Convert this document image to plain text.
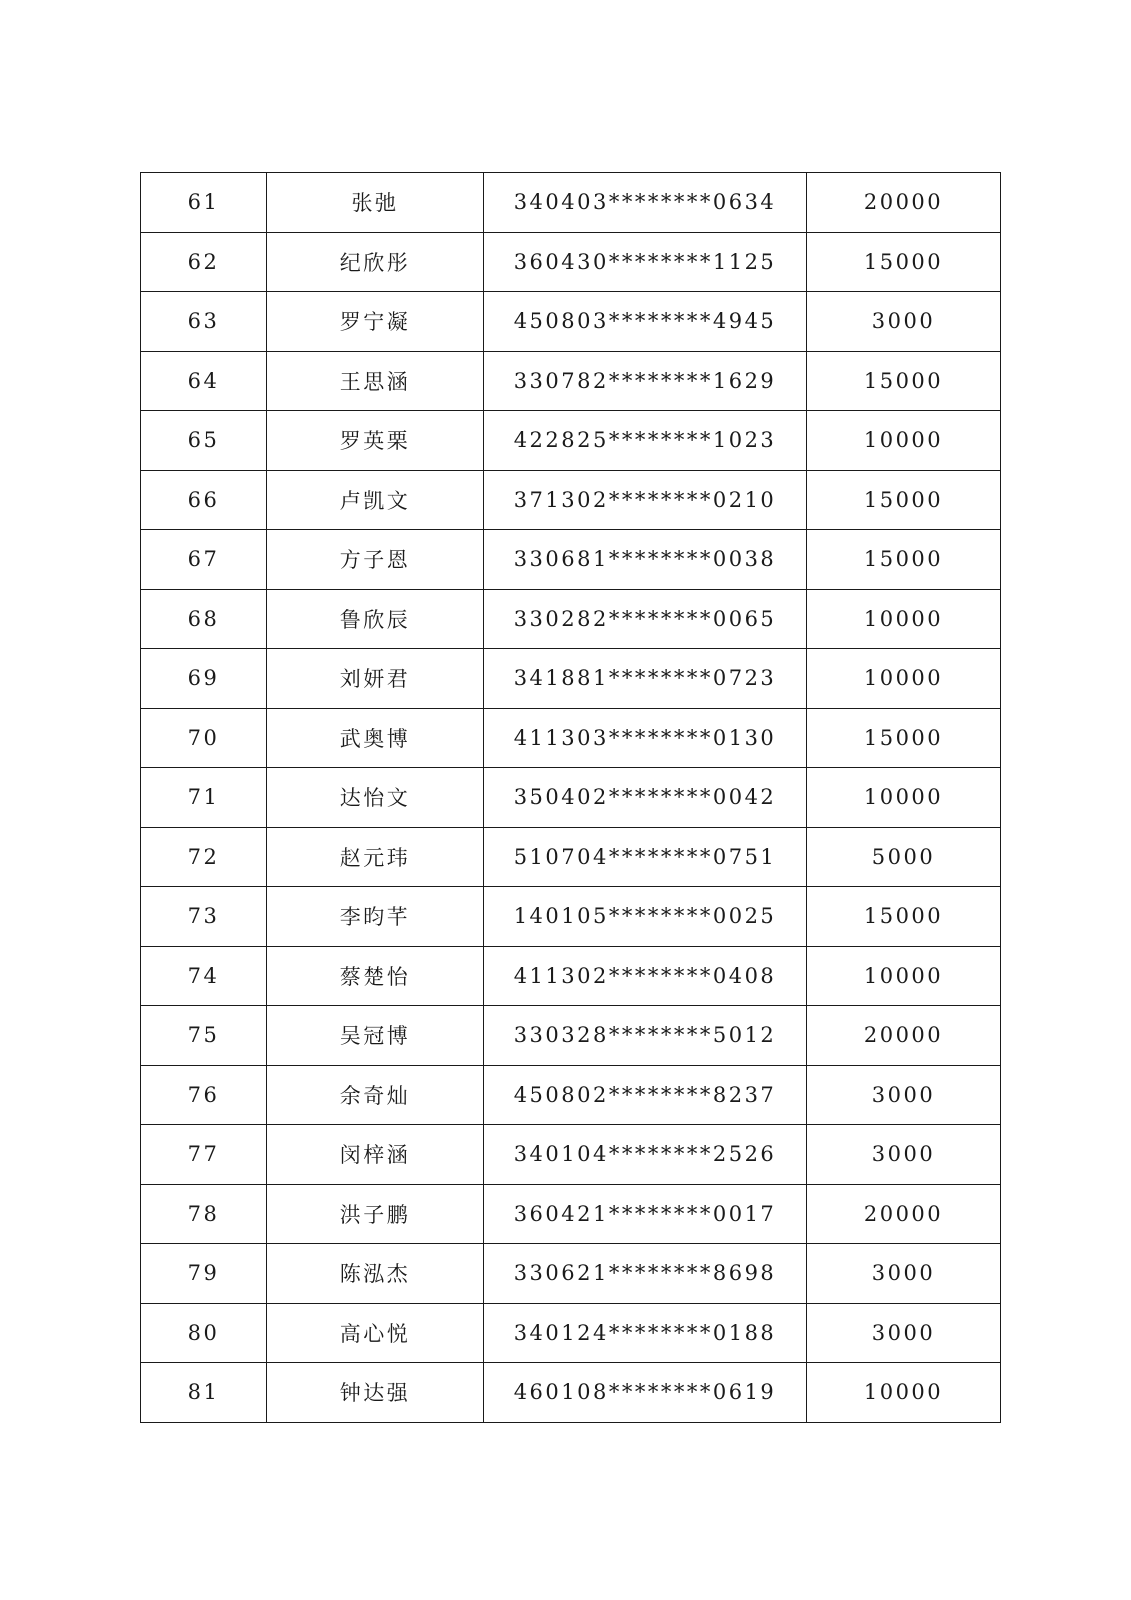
61	张弛	340403********0634	20000
62	纪欣彤	360430********1125	15000
63	罗宁凝	450803********4945	3000
64	王思涵	330782********1629	15000
65	罗英栗	422825********1023	10000
66	卢凯文	371302********0210	15000
67	方子恩	330681********0038	15000
68	鲁欣辰	330282********0065	10000
69	刘妍君	341881********0723	10000
70	武奥博	411303********0130	15000
71	达怡文	350402********0042	10000
72	赵元玮	510704********0751	5000
73	李昀芊	140105********0025	15000
74	蔡楚怡	411302********0408	10000
75	吴冠博	330328********5012	20000
76	余奇灿	450802********8237	3000
77	闵梓涵	340104********2526	3000
78	洪子鹏	360421********0017	20000
79	陈泓杰	330621********8698	3000
80	高心悦	340124********0188	3000
81	钟达强	460108********0619	10000
